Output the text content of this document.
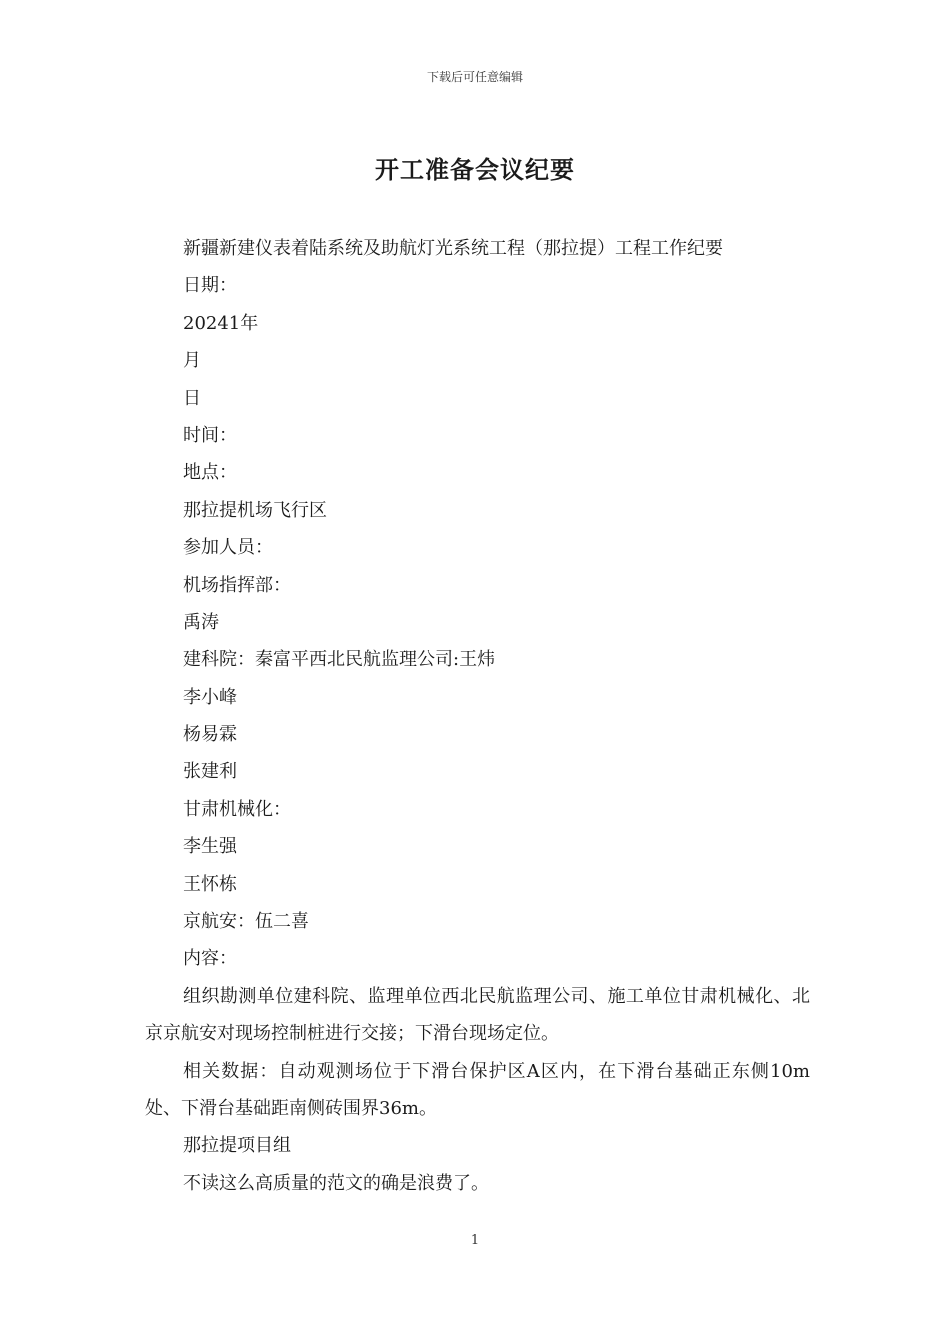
下载后可任意编辑
开工准备会议纪要
新疆新建仪表着陆系统及助航灯光系统工程（那拉提）工程工作纪要
日期：
20241年
月
日
时间：
地点：
那拉提机场飞行区
参加人员：
机场指挥部：
禹涛
建科院：秦富平西北民航监理公司:王炜
李小峰
杨易霖
张建利
甘肃机械化：
李生强
王怀栋
京航安：伍二喜
内容：
组织勘测单位建科院、监理单位西北民航监理公司、施工单位甘肃机械化、北京京航安对现场控制桩进行交接；下滑台现场定位。
相关数据：自动观测场位于下滑台保护区A区内，在下滑台基础正东侧10m处、下滑台基础距南侧砖围界36m。
那拉提项目组
不读这么高质量的范文的确是浪费了。
1
